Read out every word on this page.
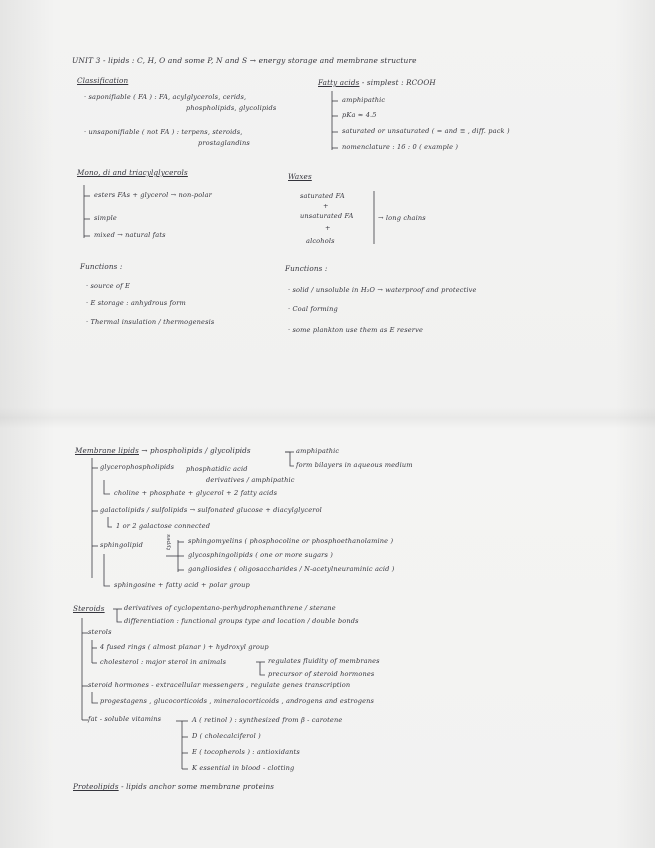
UNIT 3 - lipids : C, H, O and some P, N and S → energy storage and membrane structure
Classification
· saponifiable ( FA ) : FA, acylglycerols, cerids,
phospholipids, glycolipids
· unsaponifiable ( not FA ) : terpens, steroids,
prostaglandins
Fatty acids - simplest : RCOOH
amphipathic
pKa ≈ 4.5
saturated or unsaturated ( = and ≡ , diff. pack )
nomenclature : 16 : 0 ( example )
Mono, di and triacylglycerols
esters FAs + glycerol → non-polar
simple
mixed → natural fats
Waxes
saturated FA
+
unsaturated FA
+
alcohols
→ long chains
Functions :
· source of E
· E storage : anhydrous form
· Thermal insulation / thermogenesis
Functions :
· solid / unsoluble in H₂O → waterproof and protective
· Coal forming
· some plankton use them as E reserve
Membrane lipids → phospholipids / glycolipids	amphipathic
form bilayers in aqueous medium
glycerophospholipids phosphatidic acid
derivatives / amphipathic
choline + phosphate + glycerol + 2 fatty acids
galactolipids / sulfolipids → sulfonated glucose + diacylglycerol
1 or 2 galactose connected
sphingolipid	types sphingomyelins ( phosphocoline or phosphoethanolamine )
glycosphingolipids ( one or more sugars )
gangliosides ( oligosaccharides / N-acetylneuraminic acid )
sphingosine + fatty acid + polar group
Steroids	derivatives of cyclopentano-perhydrophenanthrene / sterane
differentiation : functional groups type and location / double bonds
sterols
4 fused rings ( almost planar ) + hydroxyl group
cholesterol : major sterol in animals	regulates fluidity of membranes
precursor of steroid hormones
steroid hormones - extracellular messengers , regulate genes transcription
progestagens , glucocorticoids , mineralocorticoids , androgens and estrogens
fat - soluble vitamins	A ( retinol ) : synthesized from β - carotene
D ( cholecalciferol )
E ( tocopherols ) : antioxidants
K essential in blood - clotting
Proteolipids - lipids anchor some membrane proteins
